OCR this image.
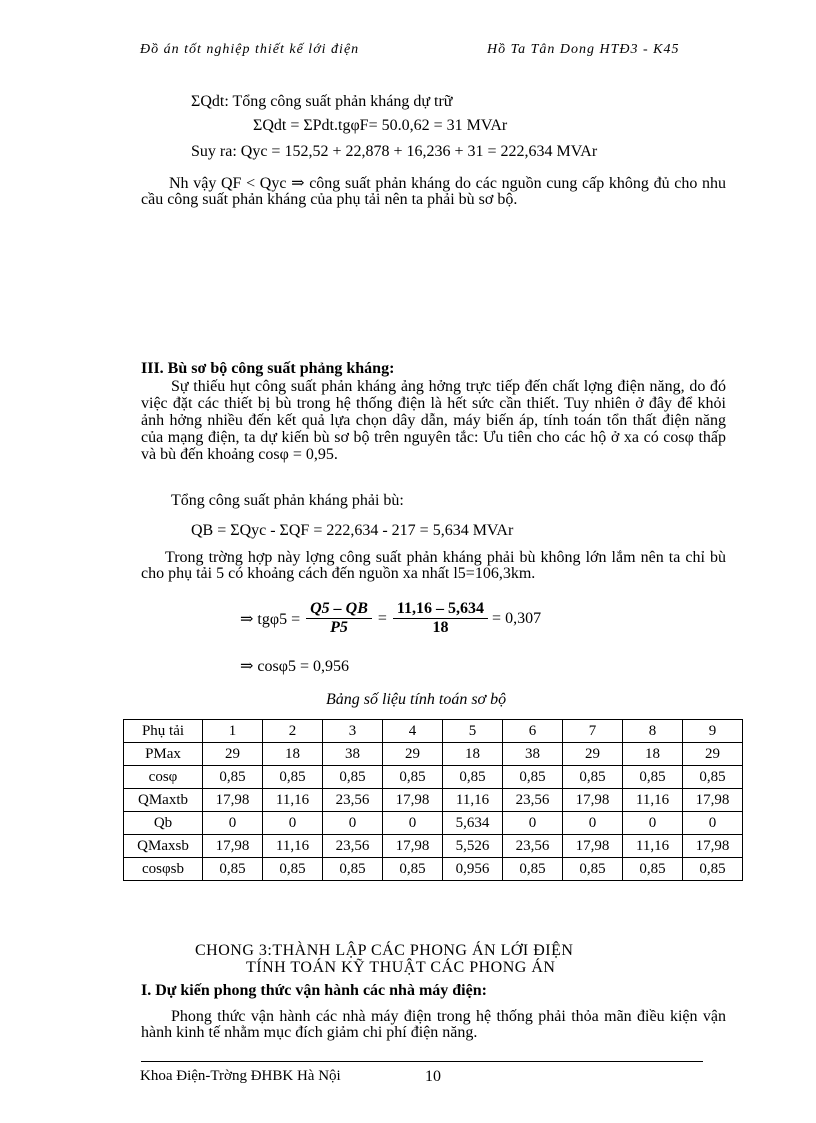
Đồ án tốt nghiệp thiết kế lới điện	Hồ Ta Tân Dong HTĐ3 - K45
ΣQdt: Tổng công suất phản kháng dự trữ
ΣQdt = ΣPdt.tgφF= 50.0,62 = 31 MVAr
Suy ra: Qyc = 152,52 + 22,878 + 16,236 + 31 = 222,634 MVAr
Nh vậy QF < Qyc ⇒ công suất phản kháng do các nguồn cung cấp không đủ cho nhu cầu công suất phản kháng của phụ tải nên ta phải bù sơ bộ.
III. Bù sơ bộ công suất phảng kháng:
Sự thiếu hụt công suất phản kháng ảng hởng trực tiếp đến chất lợng điện năng, do đó việc đặt các thiết bị bù trong hệ thống điện là hết sức cần thiết. Tuy nhiên ở đây để khỏi ảnh hởng nhiều đến kết quả lựa chọn dây dẫn, máy biến áp, tính toán tổn thất điện năng của mạng điện, ta dự kiến bù sơ bộ trên nguyên tắc: Ưu tiên cho các hộ ở xa có cosφ thấp và bù đến khoảng cosφ = 0,95.
Tổng công suất phản kháng phải bù:
QB = ΣQyc - ΣQF = 222,634 - 217 = 5,634 MVAr
Trong trờng hợp này lợng công suất phản kháng phải bù không lớn lắm nên ta chỉ bù cho phụ tải 5 có khoảng cách đến nguồn xa nhất l5=106,3km.
⇒ $tg\varphi 5 = \frac{Q5 - QB}{P5} = \frac{11,16 - 5,634}{18} = 0,307$
⇒ cosφ5 = 0,956
Bảng số liệu tính toán sơ bộ
Phụ tải	1	2	3	4	5	6	7	8	9
PMax	29	18	38	29	18	38	29	18	29
cosφ	0,85	0,85	0,85	0,85	0,85	0,85	0,85	0,85	0,85
QMaxtb	17,98	11,16	23,56	17,98	11,16	23,56	17,98	11,16	17,98
Qb	0	0	0	0	5,634	0	0	0	0
QMaxsb	17,98	11,16	23,56	17,98	5,526	23,56	17,98	11,16	17,98
cosφsb	0,85	0,85	0,85	0,85	0,956	0,85	0,85	0,85	0,85
CHONG 3:THÀNH LẬP CÁC PHONG ÁN LỚI ĐIỆN
TÍNH TOÁN KỸ THUẬT CÁC PHONG ÁN
I. Dự kiến phong thức vận hành các nhà máy điện:
Phong thức vận hành các nhà máy điện trong hệ thống phải thỏa mãn điều kiện vận hành kinh tế nhằm mục đích giảm chi phí điện năng.
Khoa Điện-Trờng ĐHBK Hà Nội	10
